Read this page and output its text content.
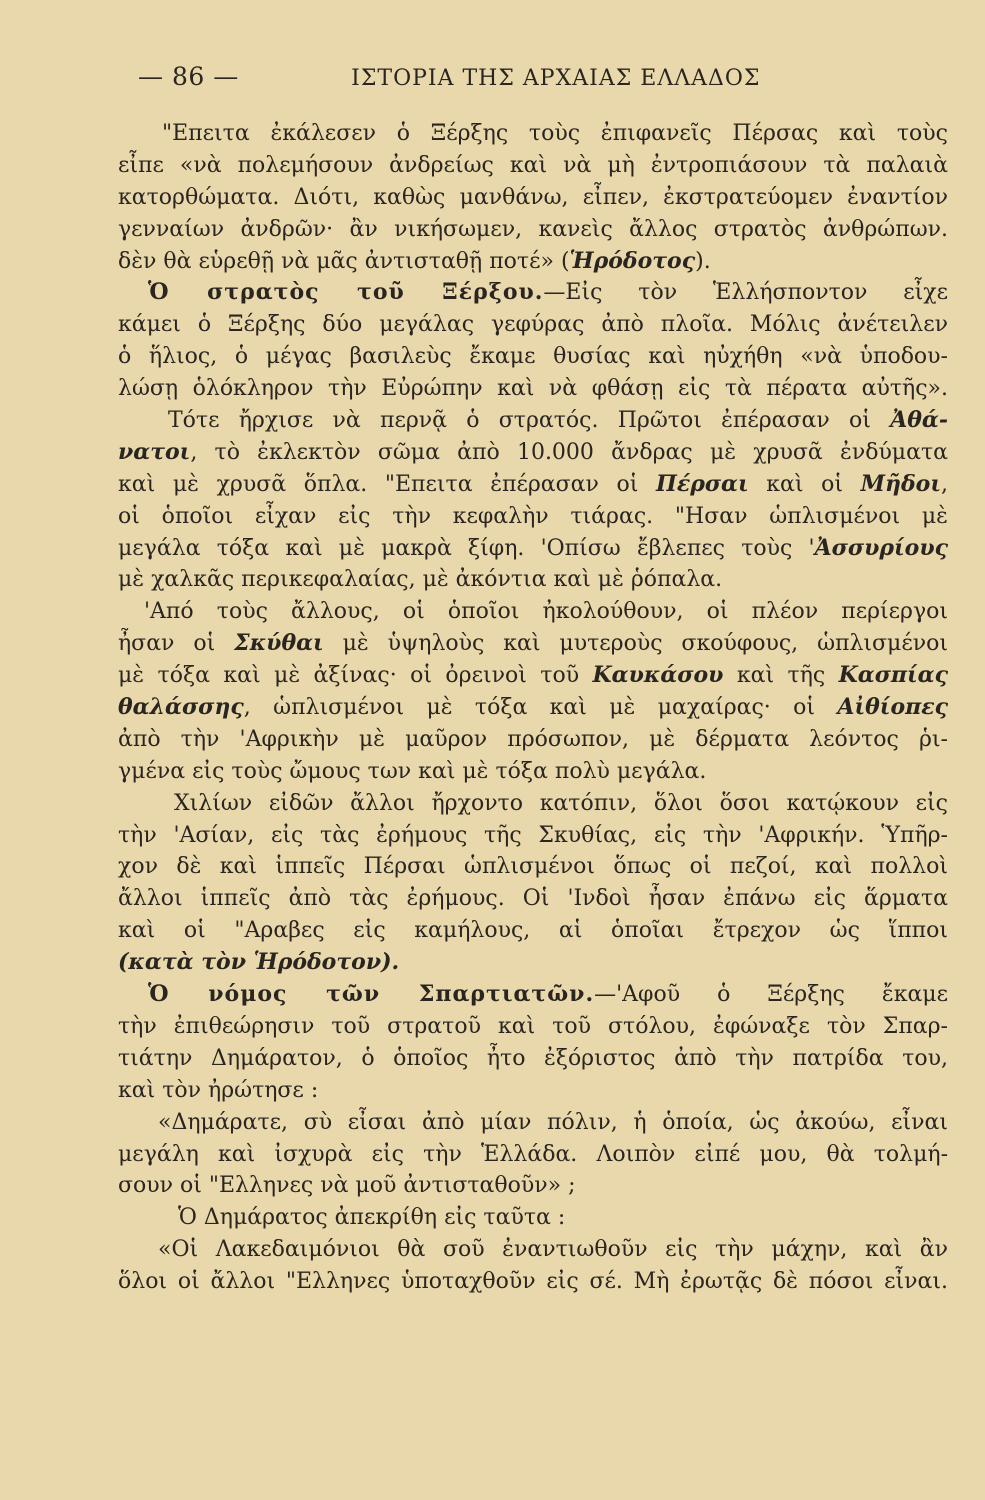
— 86 —	ΙΣΤΟΡΙΑ ΤΗΣ ΑΡΧΑΙΑΣ ΕΛΛΑΔΟΣ
"Επειτα ἐκάλεσεν ὁ Ξέρξης τοὺς ἐπιφανεῖς Πέρσας καὶ τοὺς
εἶπε «νὰ πολεμήσουν ἀνδρείως καὶ νὰ μὴ ἐντροπιάσουν τὰ παλαιὰ
κατορθώματα. Διότι, καθὼς μανθάνω, εἶπεν, ἐκστρατεύομεν ἐναντίον
γενναίων ἀνδρῶν· ἂν νικήσωμεν, κανεὶς ἄλλος στρατὸς ἀνθρώπων.
δὲν θὰ εὑρεθῇ νὰ μᾶς ἀντισταθῇ ποτέ» (Ἡρόδοτος).
Ὁ στρατὸς τοῦ Ξέρξου.—Εἰς τὸν Ἑλλήσποντον εἶχε
κάμει ὁ Ξέρξης δύο μεγάλας γεφύρας ἀπὸ πλοῖα. Μόλις ἀνέτειλεν
ὁ ἥλιος, ὁ μέγας βασιλεὺς ἔκαμε θυσίας καὶ ηὐχήθη «νὰ ὑποδου-
λώσῃ ὁλόκληρον τὴν Εὐρώπην καὶ νὰ φθάσῃ εἰς τὰ πέρατα αὐτῆς».
Τότε ἤρχισε νὰ περνᾷ ὁ στρατός. Πρῶτοι ἐπέρασαν οἱ Ἀθά-
νατοι, τὸ ἐκλεκτὸν σῶμα ἀπὸ 10.000 ἄνδρας μὲ χρυσᾶ ἐνδύματα
καὶ μὲ χρυσᾶ ὅπλα. "Επειτα ἐπέρασαν οἱ Πέρσαι καὶ οἱ Μῆδοι,
οἱ ὁποῖοι εἶχαν εἰς τὴν κεφαλὴν τιάρας. "Ησαν ὡπλισμένοι μὲ
μεγάλα τόξα καὶ μὲ μακρὰ ξίφη. 'Οπίσω ἔβλεπες τοὺς 'Ἀσσυρίους
μὲ χαλκᾶς περικεφαλαίας, μὲ ἀκόντια καὶ μὲ ῥόπαλα.
'Από τοὺς ἄλλους, οἱ ὁποῖοι ἠκολούθουν, οἱ πλέον περίεργοι
ἦσαν οἱ Σκύθαι μὲ ὑψηλοὺς καὶ μυτεροὺς σκούφους, ὡπλισμένοι
μὲ τόξα καὶ μὲ ἀξίνας· οἱ ὀρεινοὶ τοῦ Καυκάσου καὶ τῆς Κασπίας
θαλάσσης, ὡπλισμένοι μὲ τόξα καὶ μὲ μαχαίρας· οἱ Αἰθίοπες
ἀπὸ τὴν 'Αφρικὴν μὲ μαῦρον πρόσωπον, μὲ δέρματα λεόντος ῥι-
γμένα εἰς τοὺς ὤμους των καὶ μὲ τόξα πολὺ μεγάλα.
Χιλίων εἰδῶν ἄλλοι ἤρχοντο κατόπιν, ὅλοι ὅσοι κατῴκουν εἰς
τὴν 'Ασίαν, εἰς τὰς ἐρήμους τῆς Σκυθίας, εἰς τὴν 'Αφρικήν. Ὑπῆρ-
χον δὲ καὶ ἱππεῖς Πέρσαι ὡπλισμένοι ὅπως οἱ πεζοί, καὶ πολλοὶ
ἄλλοι ἱππεῖς ἀπὸ τὰς ἐρήμους. Οἱ 'Ινδοὶ ἦσαν ἐπάνω εἰς ἅρματα
καὶ οἱ "Αραβες εἰς καμήλους, αἱ ὁποῖαι ἔτρεχον ὡς ἵπποι
(κατὰ τὸν Ἡρόδοτον).
Ὁ νόμος τῶν Σπαρτιατῶν.—'Αφοῦ ὁ Ξέρξης ἔκαμε
τὴν ἐπιθεώρησιν τοῦ στρατοῦ καὶ τοῦ στόλου, ἐφώναξε τὸν Σπαρ-
τιάτην Δημάρατον, ὁ ὁποῖος ἦτο ἐξόριστος ἀπὸ τὴν πατρίδα του,
καὶ τὸν ἠρώτησε :
«Δημάρατε, σὺ εἶσαι ἀπὸ μίαν πόλιν, ἡ ὁποία, ὡς ἀκούω, εἶναι
μεγάλη καὶ ἰσχυρὰ εἰς τὴν Ἑλλάδα. Λοιπὸν εἰπέ μου, θὰ τολμή-
σουν οἱ "Ελληνες νὰ μοῦ ἀντισταθοῦν» ;
Ὁ Δημάρατος ἀπεκρίθη εἰς ταῦτα :
«Οἱ Λακεδαιμόνιοι θὰ σοῦ ἐναντιωθοῦν εἰς τὴν μάχην, καὶ ἂν
ὅλοι οἱ ἄλλοι "Ελληνες ὑποταχθοῦν εἰς σέ. Μὴ ἐρωτᾷς δὲ πόσοι εἶναι.
